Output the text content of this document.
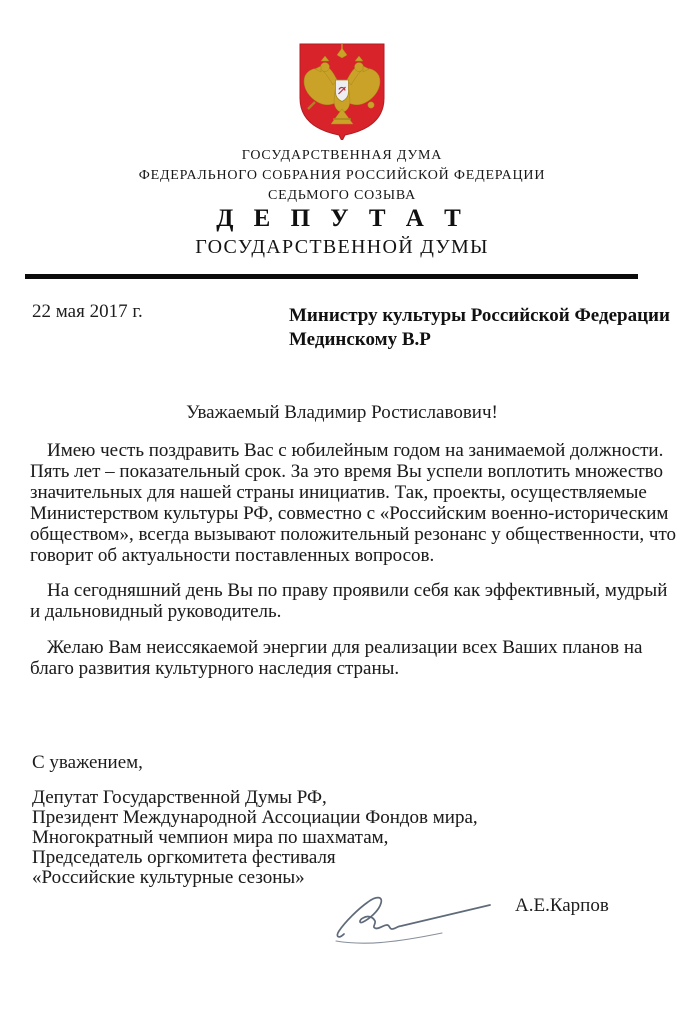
ГОСУДАРСТВЕННАЯ ДУМА
ФЕДЕРАЛЬНОГО СОБРАНИЯ РОССИЙСКОЙ ФЕДЕРАЦИИ
СЕДЬМОГО СОЗЫВА
Д Е П У Т А Т
ГОСУДАРСТВЕННОЙ ДУМЫ
22 мая 2017 г.	Министру культуры Российской Федерации
Мединскому В.Р
Уважаемый Владимир Ростиславович!
Имею честь поздравить Вас с юбилейным годом на занимаемой должности.
Пять лет – показательный срок. За это время Вы успели воплотить множество
значительных для нашей страны инициатив. Так, проекты, осуществляемые
Министерством культуры РФ, совместно с «Российским военно-историческим
обществом», всегда вызывают положительный резонанс у общественности, что
говорит об актуальности поставленных вопросов.
На сегодняшний день Вы по праву проявили себя как эффективный, мудрый
и дальновидный руководитель.
Желаю Вам неиссякаемой энергии для реализации всех Ваших планов на
благо развития культурного наследия страны.
С уважением,
Депутат Государственной Думы РФ,
Президент Международной Ассоциации Фондов мира,
Многократный чемпион мира по шахматам,
Председатель оргкомитета фестиваля
«Российские культурные сезоны»
А.Е.Карпов
